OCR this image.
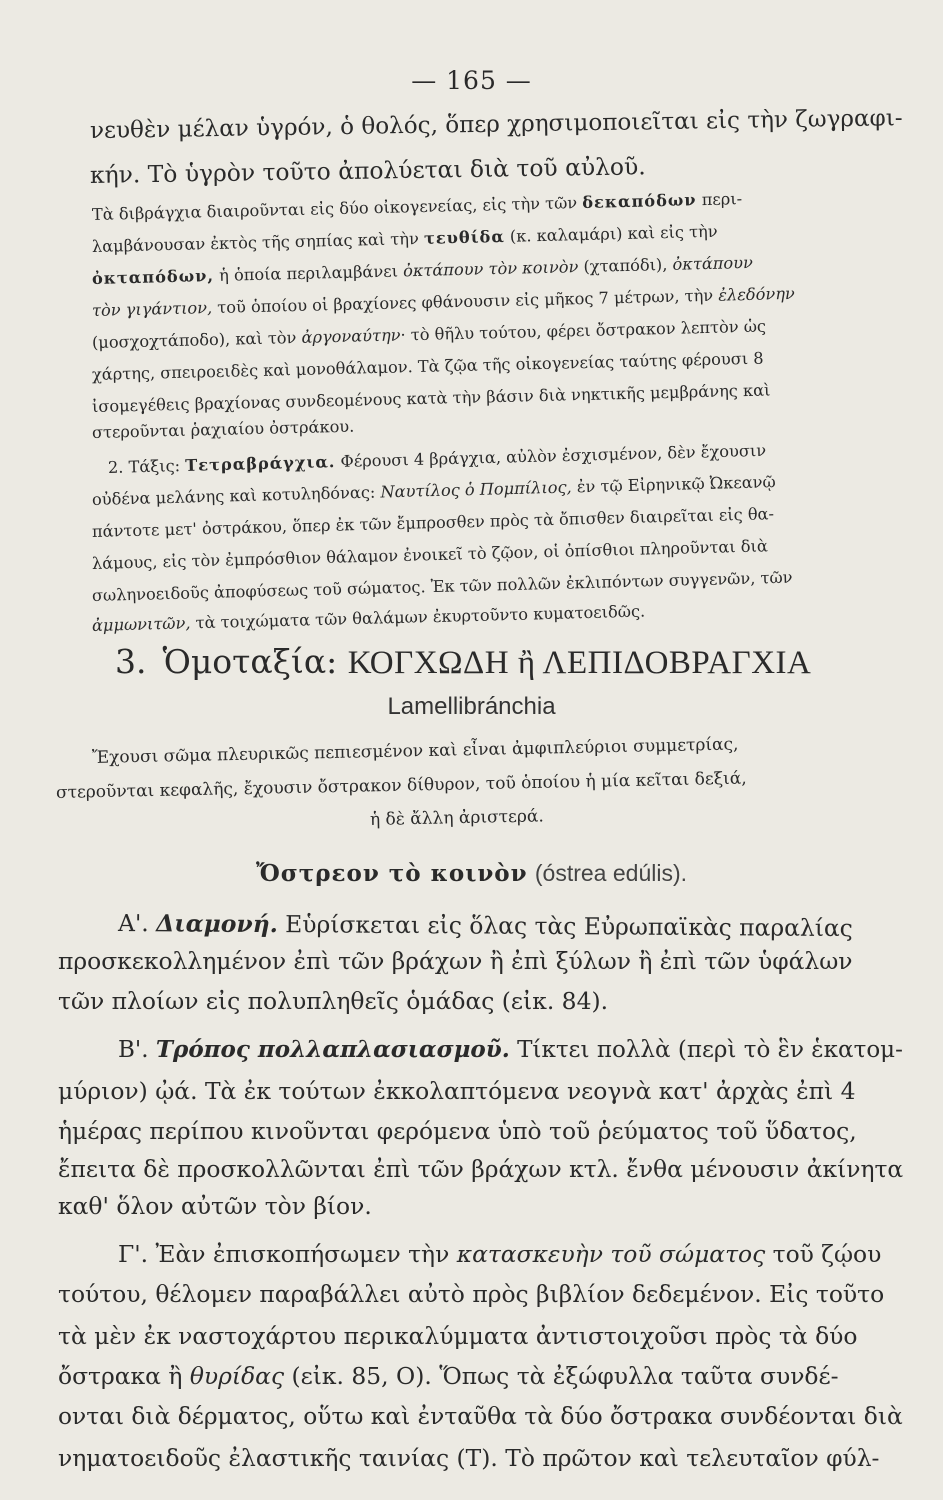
— 165 —
νευθὲν μέλαν ὑγρόν, ὁ θολός, ὅπερ χρησιμοποιεῖται εἰς τὴν ζωγραφι-
κήν. Τὸ ὑγρὸν τοῦτο ἀπολύεται διὰ τοῦ αὐλοῦ.
Τὰ διβράγχια διαιροῦνται εἰς δύο οἰκογενείας, εἰς τὴν τῶν δεκαπόδων περι-
λαμβάνουσαν ἐκτὸς τῆς σηπίας καὶ τὴν τευθίδα (κ. καλαμάρι) καὶ εἰς τὴν
ὀκταπόδων, ἡ ὁποία περιλαμβάνει ὀκτάπουν τὸν κοινὸν (χταπόδι), ὀκτάπουν
τὸν γιγάντιον, τοῦ ὁποίου οἱ βραχίονες φθάνουσιν εἰς μῆκος 7 μέτρων, τὴν ἐλεδόνην
(μοσχοχτάποδο), καὶ τὸν ἀργοναύτην· τὸ θῆλυ τούτου, φέρει ὄστρακον λεπτὸν ὡς
χάρτης, σπειροειδὲς καὶ μονοθάλαμον. Τὰ ζῷα τῆς οἰκογενείας ταύτης φέρουσι 8
ἰσομεγέθεις βραχίονας συνδεομένους κατὰ τὴν βάσιν διὰ νηκτικῆς μεμβράνης καὶ
στεροῦνται ῥαχιαίου ὀστράκου.
2. Τάξις: Τετραβράγχια. Φέρουσι 4 βράγχια, αὐλὸν ἐσχισμένον, δὲν ἔχουσιν
οὐδένα μελάνης καὶ κοτυληδόνας: Ναυτίλος ὁ Πομπίλιος, ἐν τῷ Εἰρηνικῷ Ὠκεανῷ
πάντοτε μετ' ὀστράκου, ὅπερ ἐκ τῶν ἔμπροσθεν πρὸς τὰ ὄπισθεν διαιρεῖται εἰς θα-
λάμους, εἰς τὸν ἐμπρόσθιον θάλαμον ἐνοικεῖ τὸ ζῷον, οἱ ὀπίσθιοι πληροῦνται διὰ
σωληνοειδοῦς ἀποφύσεως τοῦ σώματος. Ἐκ τῶν πολλῶν ἐκλιπόντων συγγενῶν, τῶν
ἀμμωνιτῶν, τὰ τοιχώματα τῶν θαλάμων ἐκυρτοῦντο κυματοειδῶς.
3. Ὁμοταξία: ΚΟΓΧΩΔΗ ἢ ΛΕΠΙΔΟΒΡΑΓΧΙΑ
Lamellibránchia
Ἔχουσι σῶμα πλευρικῶς πεπιεσμένον καὶ εἶναι ἀμφιπλεύριοι συμμετρίας,
στεροῦνται κεφαλῆς, ἔχουσιν ὄστρακον δίθυρον, τοῦ ὁποίου ἡ μία κεῖται δεξιά,
ἡ δὲ ἄλλη ἀριστερά.
Ὄστρεον τὸ κοινὸν (óstrea edúlis).
Α'. Διαμονή. Εὑρίσκεται εἰς ὅλας τὰς Εὐρωπαϊκὰς παραλίας
προσκεκολλημένον ἐπὶ τῶν βράχων ἢ ἐπὶ ξύλων ἢ ἐπὶ τῶν ὑφάλων
τῶν πλοίων εἰς πολυπληθεῖς ὁμάδας (εἰκ. 84).
Β'. Τρόπος πολλαπλασιασμοῦ. Τίκτει πολλὰ (περὶ τὸ ἓν ἑκατομ-
μύριον) ᾠά. Τὰ ἐκ τούτων ἐκκολαπτόμενα νεογνὰ κατ' ἀρχὰς ἐπὶ 4
ἡμέρας περίπου κινοῦνται φερόμενα ὑπὸ τοῦ ῥεύματος τοῦ ὕδατος,
ἔπειτα δὲ προσκολλῶνται ἐπὶ τῶν βράχων κτλ. ἔνθα μένουσιν ἀκίνητα
καθ' ὅλον αὐτῶν τὸν βίον.
Γ'. Ἐὰν ἐπισκοπήσωμεν τὴν κατασκευὴν τοῦ σώματος τοῦ ζῴου
τούτου, θέλομεν παραβάλλει αὐτὸ πρὸς βιβλίον δεδεμένον. Εἰς τοῦτο
τὰ μὲν ἐκ ναστοχάρτου περικαλύμματα ἀντιστοιχοῦσι πρὸς τὰ δύο
ὄστρακα ἢ θυρίδας (εἰκ. 85, Ο). Ὅπως τὰ ἐξώφυλλα ταῦτα συνδέ-
ονται διὰ δέρματος, οὕτω καὶ ἐνταῦθα τὰ δύο ὄστρακα συνδέονται διὰ
νηματοειδοῦς ἐλαστικῆς ταινίας (Τ). Τὸ πρῶτον καὶ τελευταῖον φύλ-
